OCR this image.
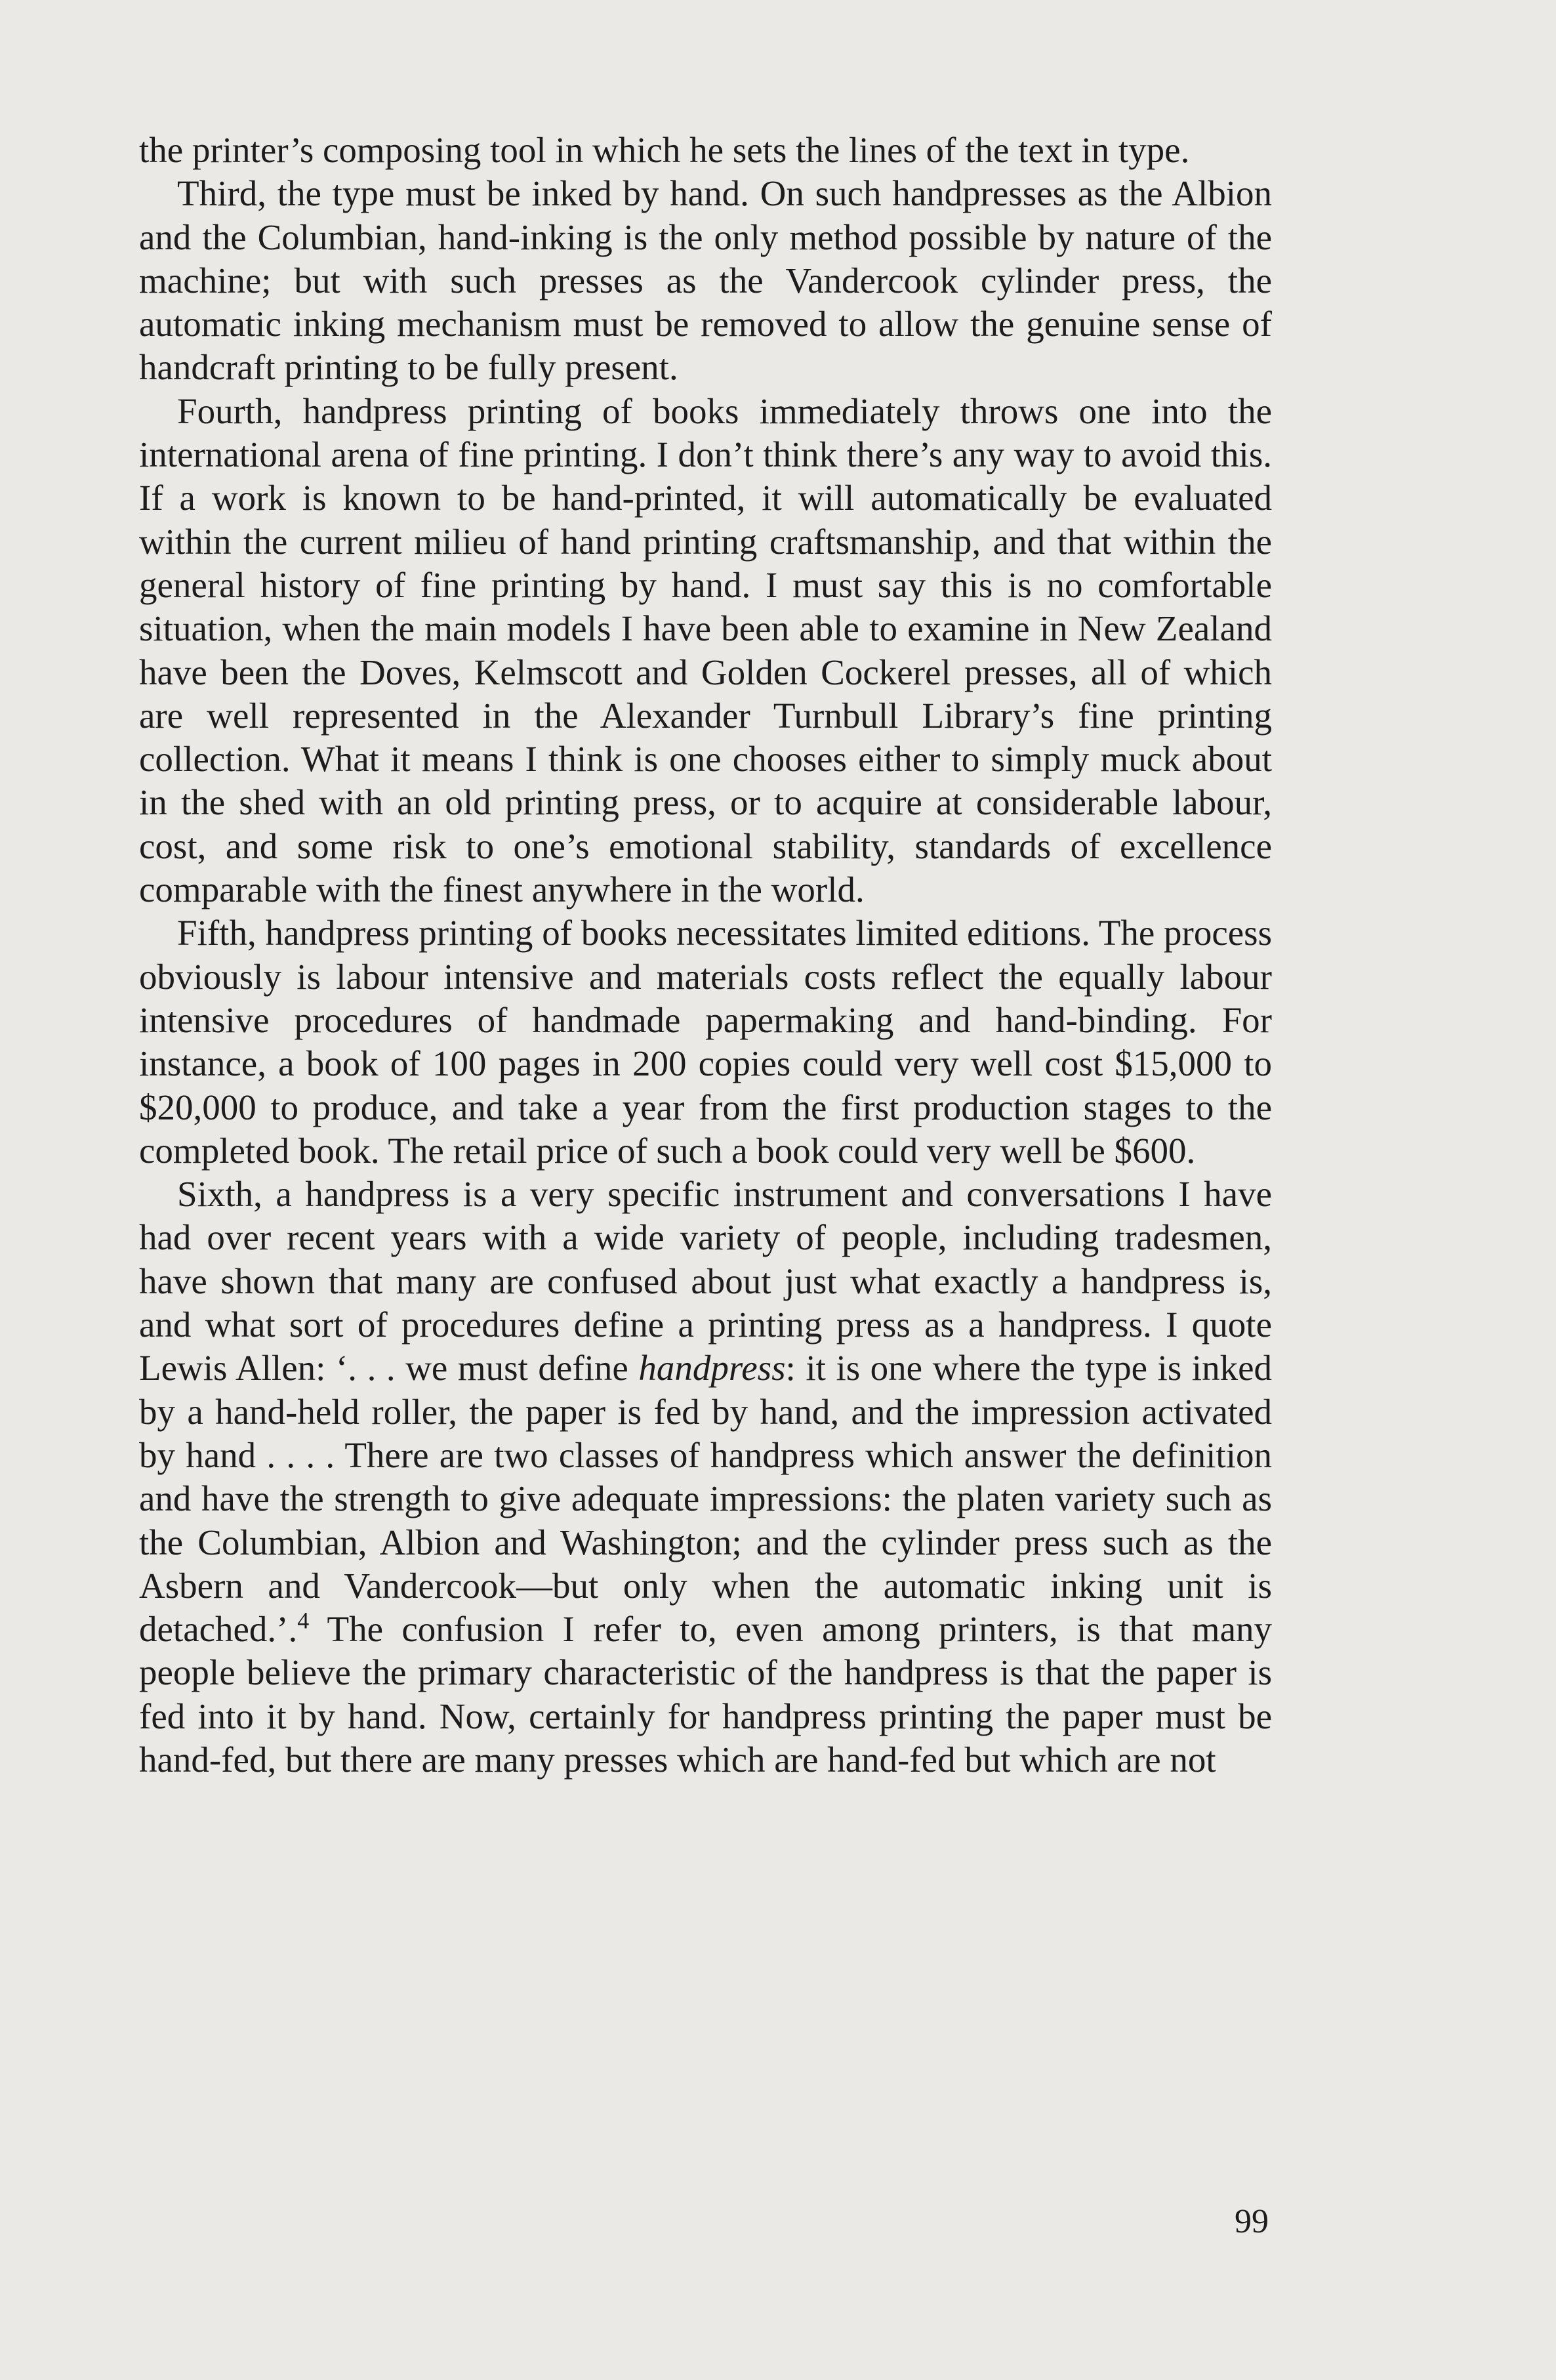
the printer’s composing tool in which he sets the lines of the text in type.

Third, the type must be inked by hand. On such handpresses as the Albion and the Columbian, hand-inking is the only method possible by nature of the machine; but with such presses as the Vandercook cylinder press, the automatic inking mechanism must be removed to allow the genuine sense of handcraft printing to be fully present.

Fourth, handpress printing of books immediately throws one into the international arena of fine printing. I don’t think there’s any way to avoid this. If a work is known to be hand-printed, it will automatically be evaluated within the current milieu of hand printing craftsmanship, and that within the general history of fine printing by hand. I must say this is no comfortable situation, when the main models I have been able to examine in New Zealand have been the Doves, Kelmscott and Golden Cockerel presses, all of which are well represented in the Alexander Turnbull Library’s fine printing collection. What it means I think is one chooses either to simply muck about in the shed with an old printing press, or to acquire at considerable labour, cost, and some risk to one’s emotional stability, standards of excellence comparable with the finest anywhere in the world.

Fifth, handpress printing of books necessitates limited editions. The process obviously is labour intensive and materials costs reflect the equally labour intensive procedures of handmade papermaking and hand-binding. For instance, a book of 100 pages in 200 copies could very well cost $15,000 to $20,000 to produce, and take a year from the first production stages to the completed book. The retail price of such a book could very well be $600.

Sixth, a handpress is a very specific instrument and conversations I have had over recent years with a wide variety of people, including tradesmen, have shown that many are confused about just what exactly a handpress is, and what sort of procedures define a printing press as a handpress. I quote Lewis Allen: ‘. . . we must define handpress: it is one where the type is inked by a hand-held roller, the paper is fed by hand, and the impression activated by hand . . . . There are two classes of handpress which answer the definition and have the strength to give adequate impressions: the platen variety such as the Columbian, Albion and Washington; and the cylinder press such as the Asbern and Vandercook—but only when the automatic inking unit is detached.’.$^4$ The confusion I refer to, even among printers, is that many people believe the primary characteristic of the handpress is that the paper is fed into it by hand. Now, certainly for handpress printing the paper must be hand-fed, but there are many presses which are hand-fed but which are not

99
